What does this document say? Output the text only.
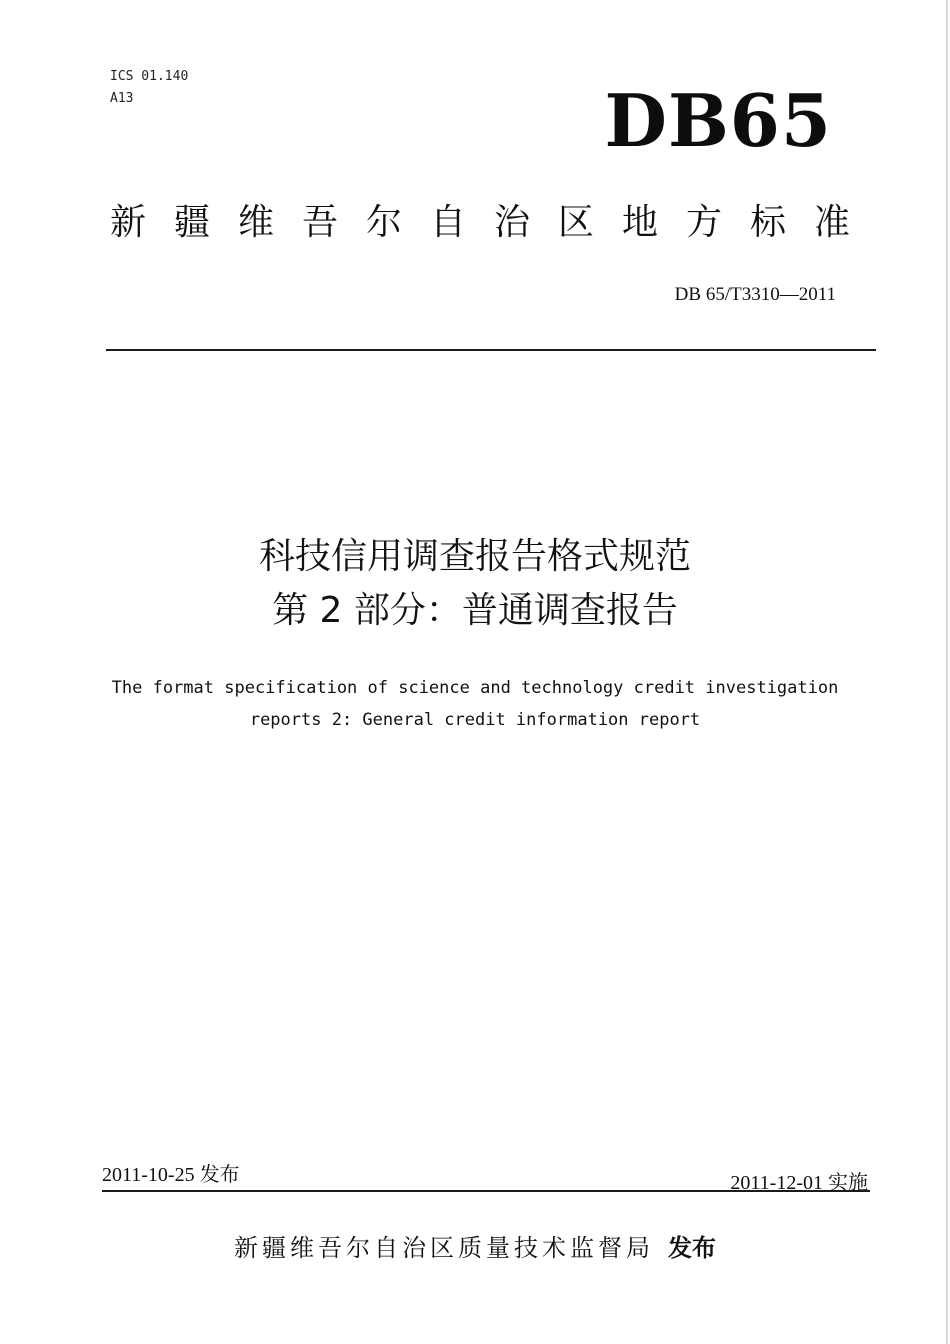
ICS 01.140
A13	DB65
新疆维吾尔自治区地方标准
DB 65/T3310—2011
科技信用调查报告格式规范
第 2 部分：普通调查报告
The format specification of science and technology credit investigation
reports 2: General credit information report
2011-10-25 发布	2011-12-01 实施
新疆维吾尔自治区质量技术监督局 发布
